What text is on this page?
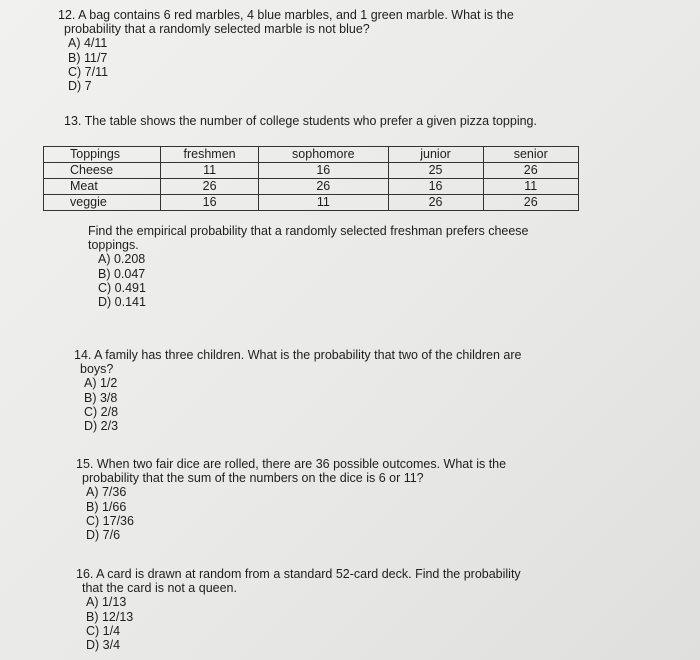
12. A bag contains 6 red marbles, 4 blue marbles, and 1 green marble. What is the
probability that a randomly selected marble is not blue?
A) 4/11
B) 11/7
C) 7/11
D) 7
13. The table shows the number of college students who prefer a given pizza topping.
Toppings	freshmen	sophomore	junior	senior
Cheese	11	16	25	26
Meat	26	26	16	11
veggie	16	11	26	26
Find the empirical probability that a randomly selected freshman prefers cheese
toppings.
A) 0.208
B) 0.047
C) 0.491
D) 0.141
14. A family has three children. What is the probability that two of the children are
boys?
A) 1/2
B) 3/8
C) 2/8
D) 2/3
15. When two fair dice are rolled, there are 36 possible outcomes. What is the
probability that the sum of the numbers on the dice is 6 or 11?
A) 7/36
B) 1/66
C) 17/36
D) 7/6
16. A card is drawn at random from a standard 52-card deck. Find the probability
that the card is not a queen.
A) 1/13
B) 12/13
C) 1/4
D) 3/4
